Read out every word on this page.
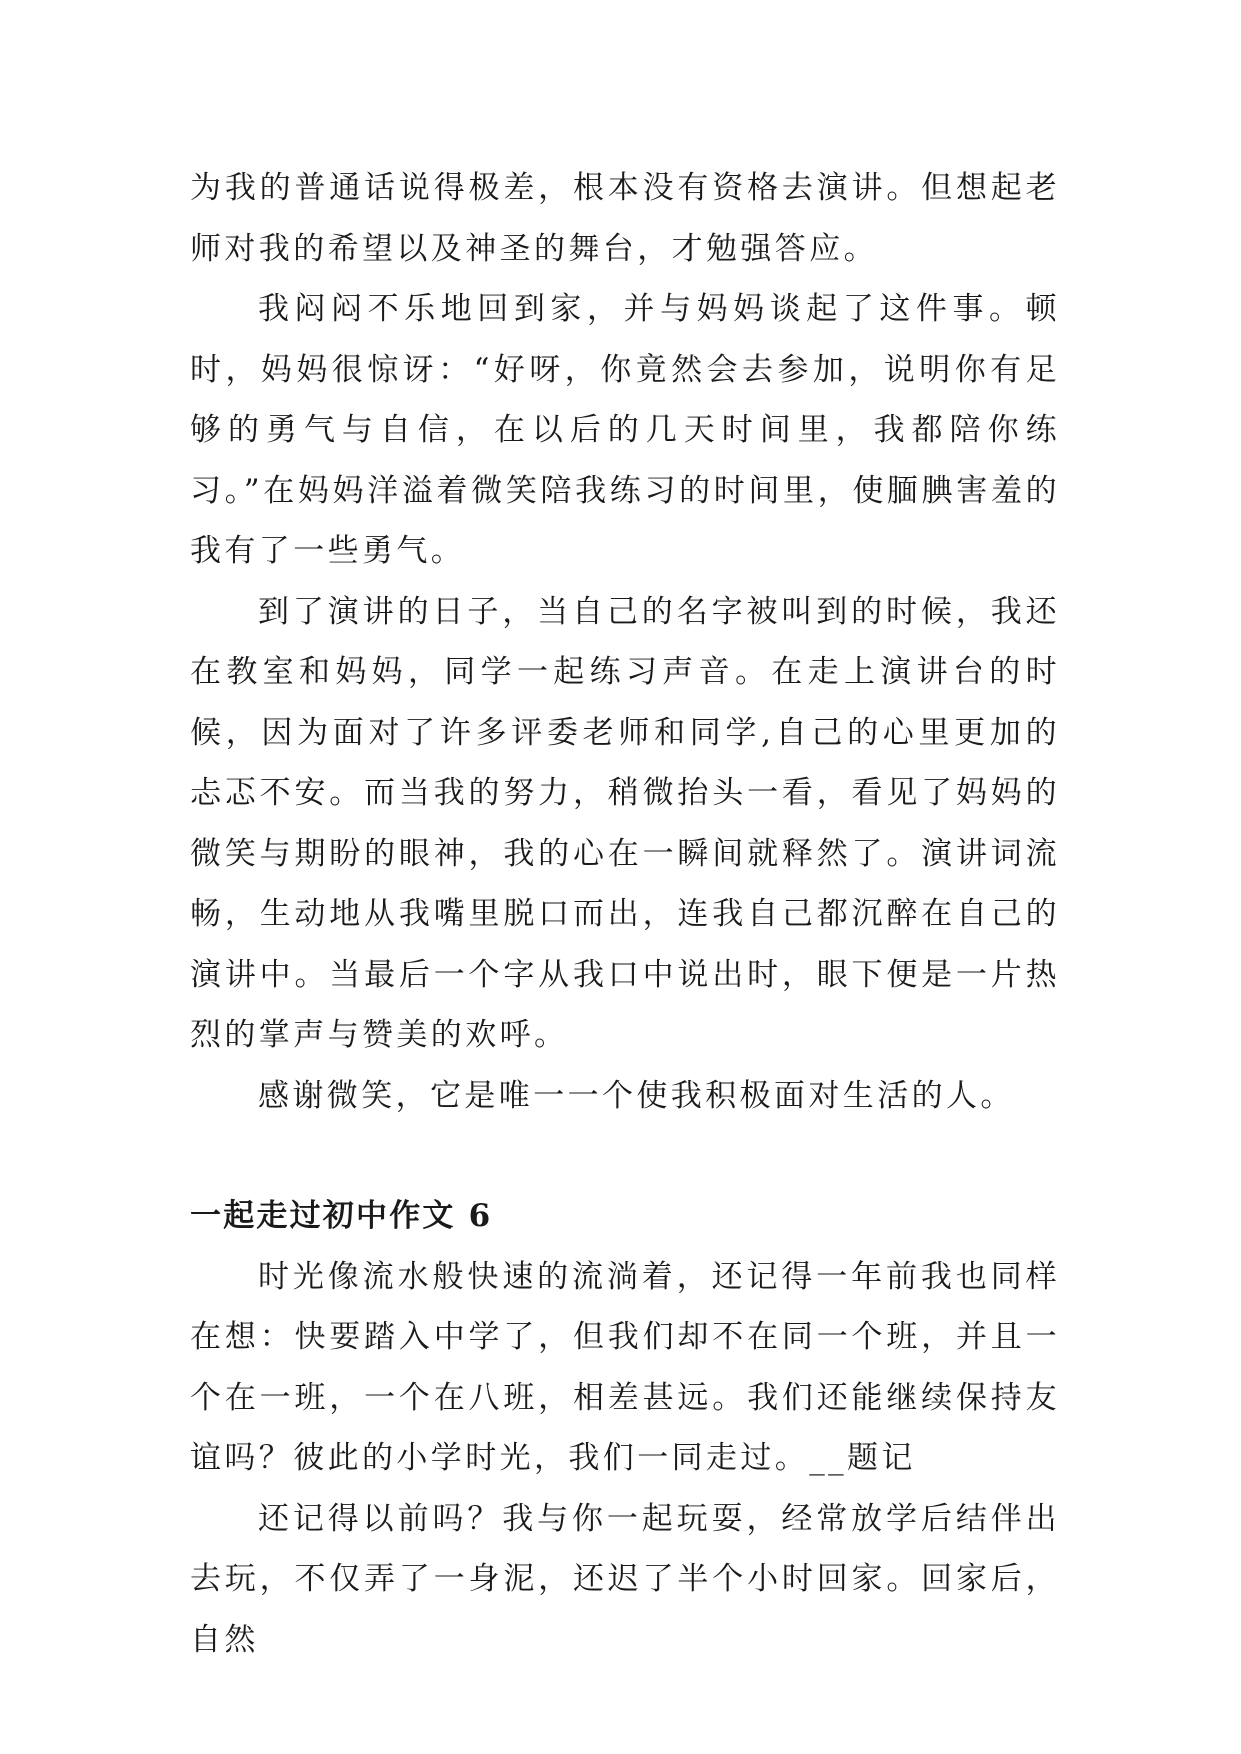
为我的普通话说得极差，根本没有资格去演讲。但想起老师对我的希望以及神圣的舞台，才勉强答应。

我闷闷不乐地回到家，并与妈妈谈起了这件事。顿时，妈妈很惊讶：“好呀，你竟然会去参加，说明你有足够的勇气与自信，在以后的几天时间里，我都陪你练习。”在妈妈洋溢着微笑陪我练习的时间里，使腼腆害羞的我有了一些勇气。

到了演讲的日子，当自己的名字被叫到的时候，我还在教室和妈妈，同学一起练习声音。在走上演讲台的时候，因为面对了许多评委老师和同学,自己的心里更加的忐忑不安。而当我的努力，稍微抬头一看，看见了妈妈的微笑与期盼的眼神，我的心在一瞬间就释然了。演讲词流畅，生动地从我嘴里脱口而出，连我自己都沉醉在自己的演讲中。当最后一个字从我口中说出时，眼下便是一片热烈的掌声与赞美的欢呼。

感谢微笑，它是唯一一个使我积极面对生活的人。

一起走过初中作文 6

时光像流水般快速的流淌着，还记得一年前我也同样在想：快要踏入中学了，但我们却不在同一个班，并且一个在一班，一个在八班，相差甚远。我们还能继续保持友谊吗？彼此的小学时光，我们一同走过。__题记

还记得以前吗？我与你一起玩耍，经常放学后结伴出去玩，不仅弄了一身泥，还迟了半个小时回家。回家后，自然
